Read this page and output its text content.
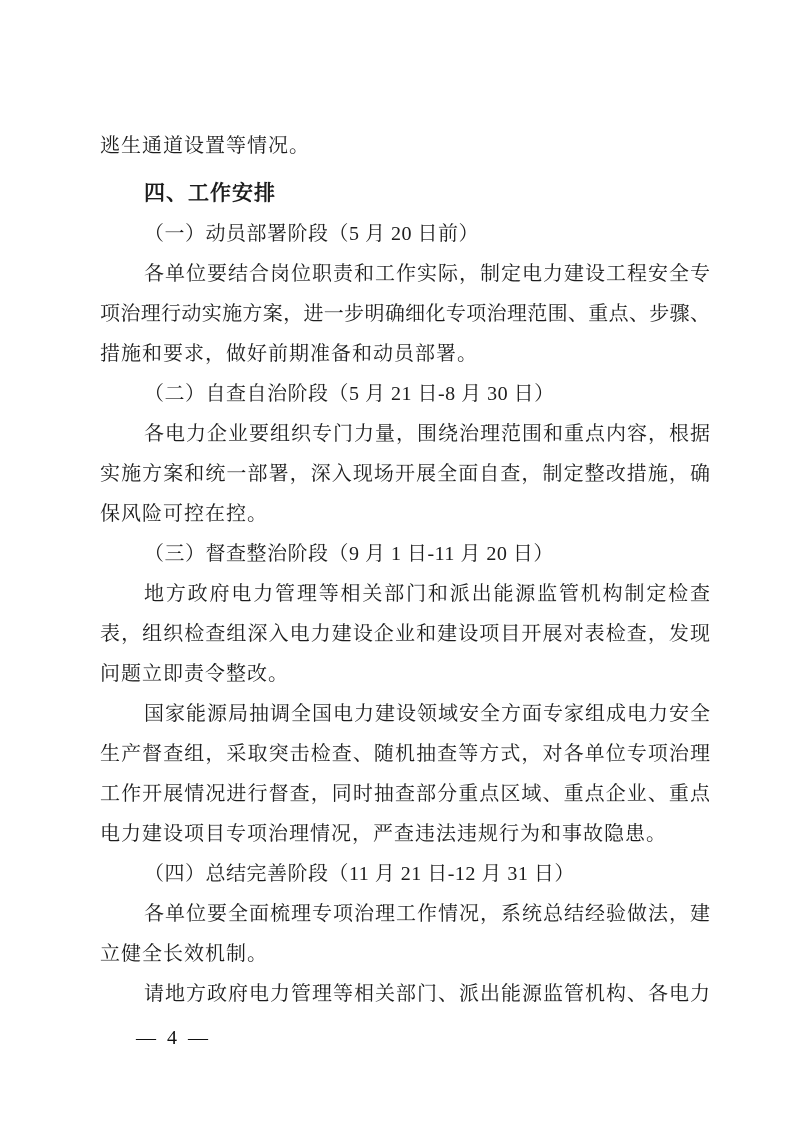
逃生通道设置等情况。
四、工作安排
（一）动员部署阶段（5 月 20 日前）
各单位要结合岗位职责和工作实际，制定电力建设工程安全专
项治理行动实施方案，进一步明确细化专项治理范围、重点、步骤、
措施和要求，做好前期准备和动员部署。
（二）自查自治阶段（5 月 21 日-8 月 30 日）
各电力企业要组织专门力量，围绕治理范围和重点内容，根据
实施方案和统一部署，深入现场开展全面自查，制定整改措施，确
保风险可控在控。
（三）督查整治阶段（9 月 1 日-11 月 20 日）
地方政府电力管理等相关部门和派出能源监管机构制定检查
表，组织检查组深入电力建设企业和建设项目开展对表检查，发现
问题立即责令整改。
国家能源局抽调全国电力建设领域安全方面专家组成电力安全
生产督查组，采取突击检查、随机抽查等方式，对各单位专项治理
工作开展情况进行督查，同时抽查部分重点区域、重点企业、重点
电力建设项目专项治理情况，严查违法违规行为和事故隐患。
（四）总结完善阶段（11 月 21 日-12 月 31 日）
各单位要全面梳理专项治理工作情况，系统总结经验做法，建
立健全长效机制。
请地方政府电力管理等相关部门、派出能源监管机构、各电力
— 4 —
